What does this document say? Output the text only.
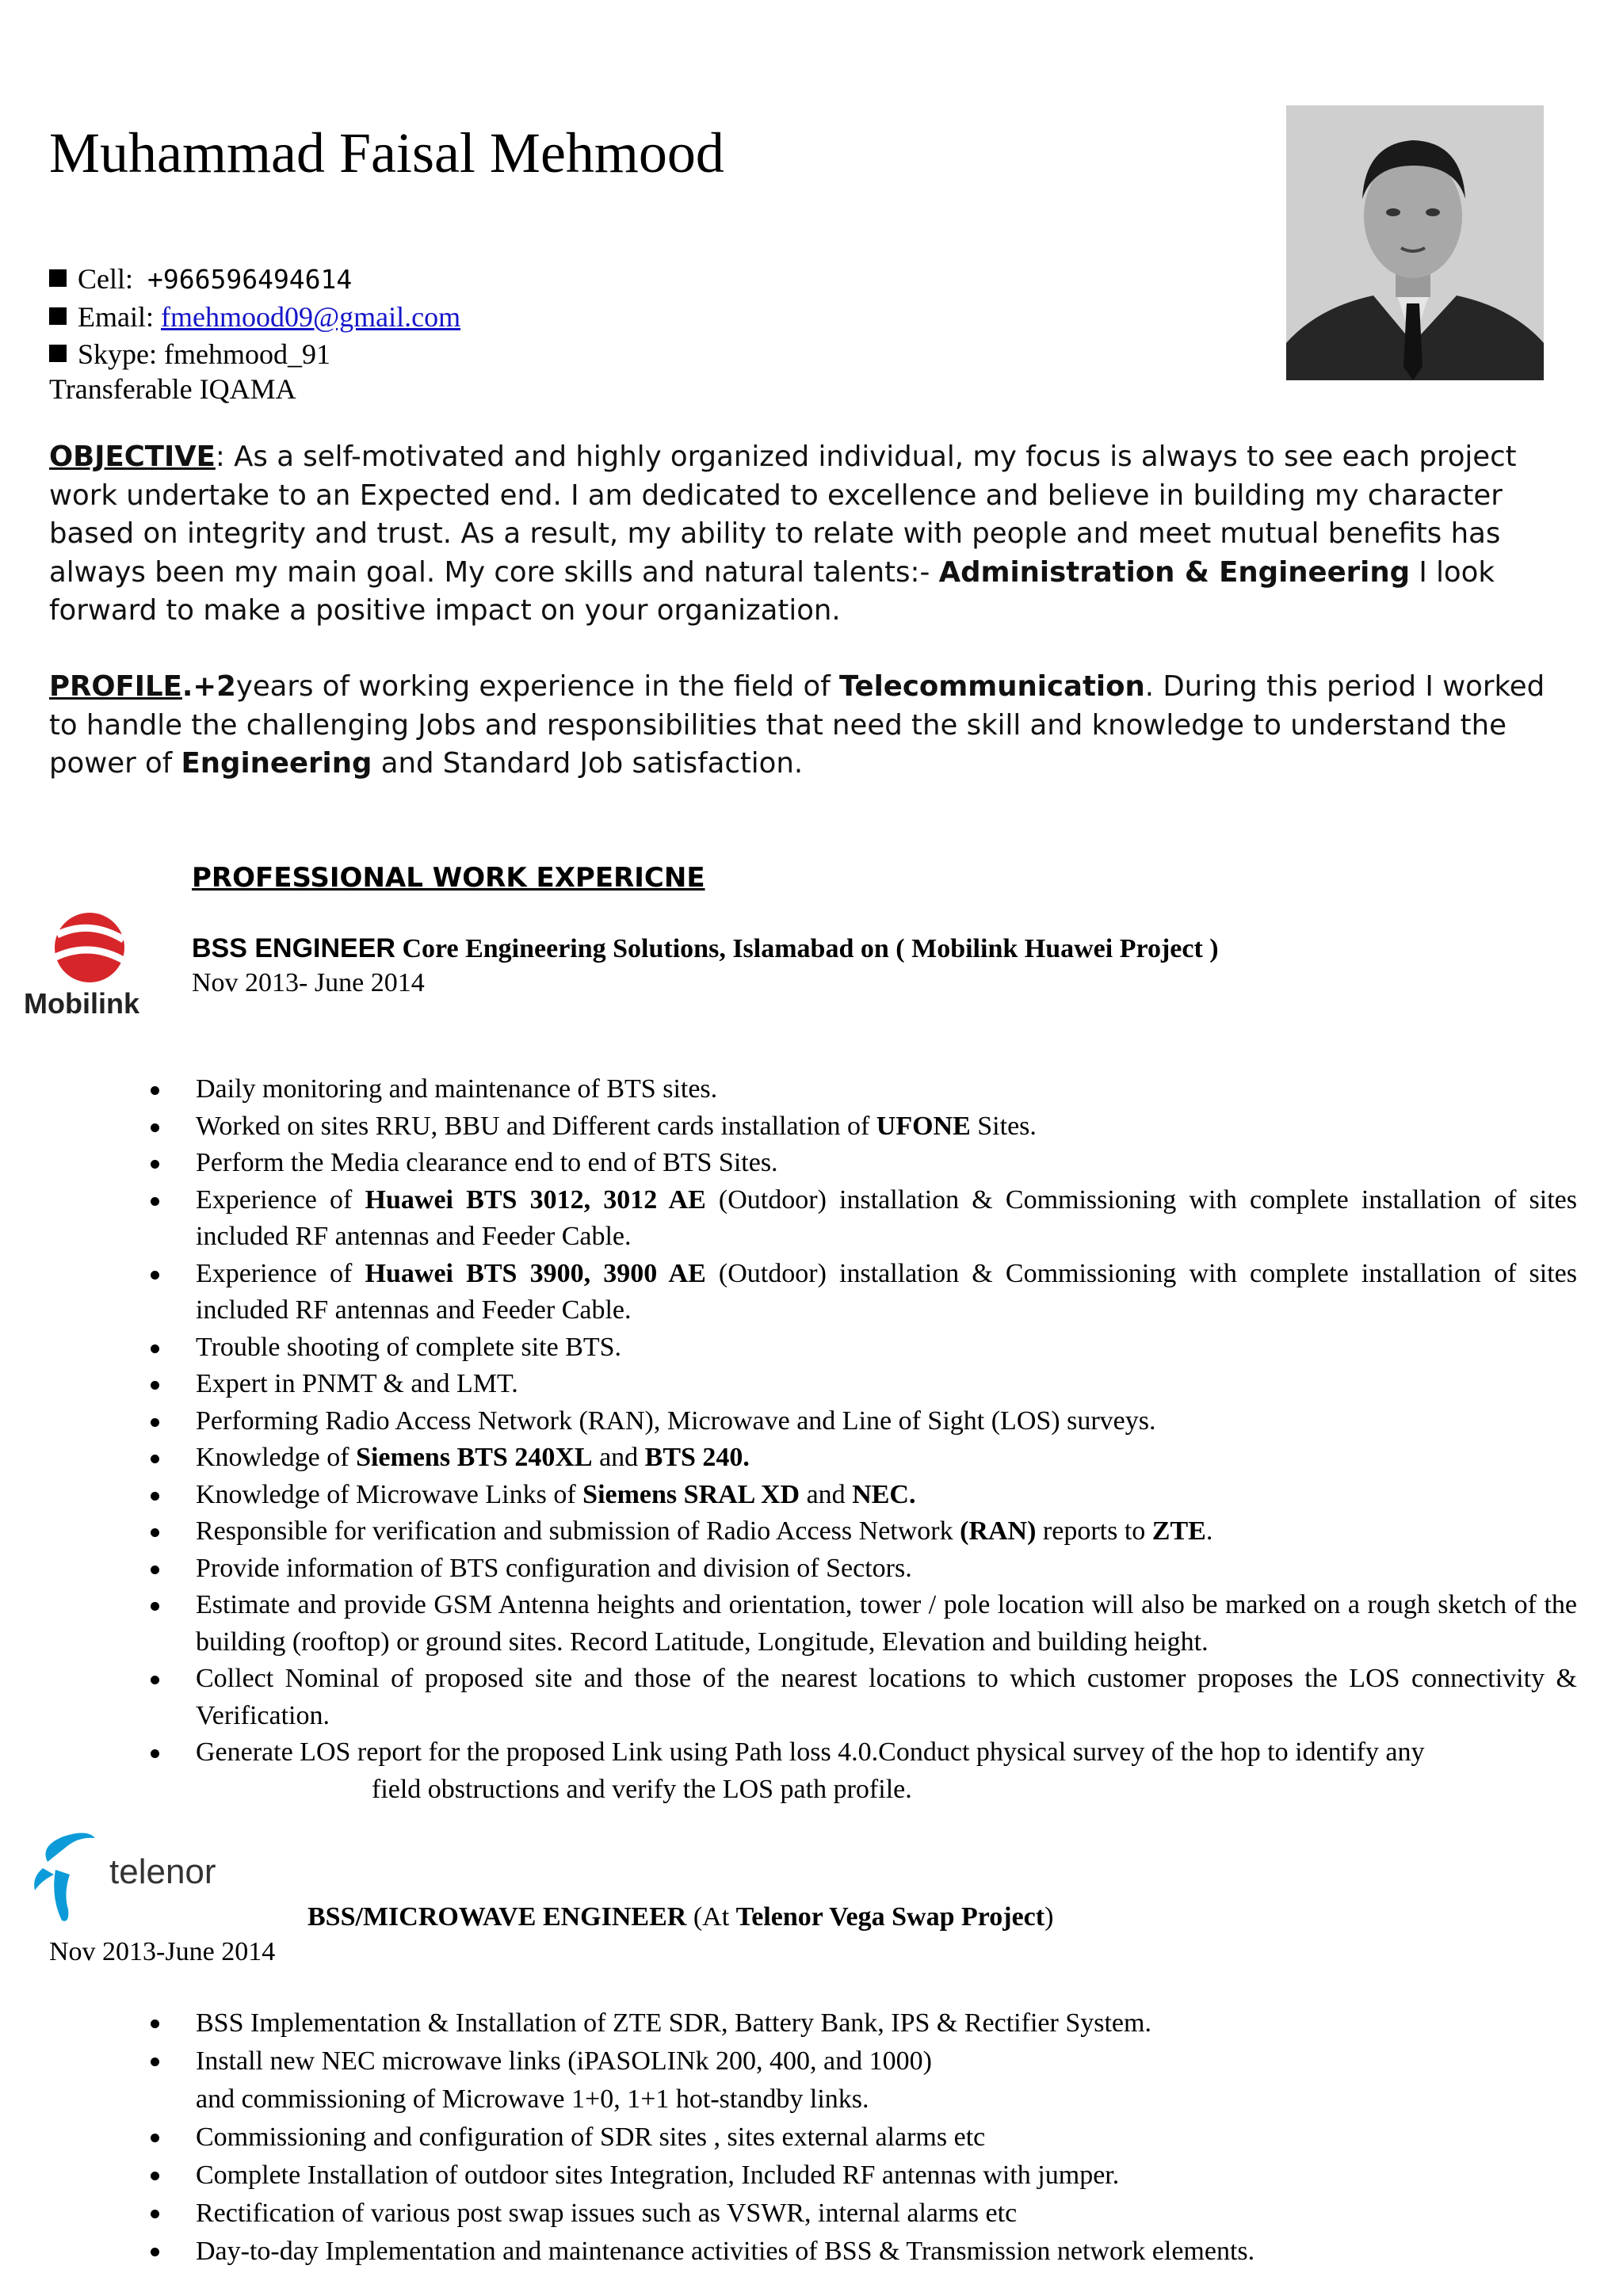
Muhammad Faisal Mehmood
Cell: +966596494614
Email: fmehmood09@gmail.com
Skype: fmehmood_91
Transferable IQAMA
OBJECTIVE: As a self-motivated and highly organized individual, my focus is always to see each project work undertake to an Expected end. I am dedicated to excellence and believe in building my character based on integrity and trust. As a result, my ability to relate with people and meet mutual benefits has always been my main goal. My core skills and natural talents:- Administration & Engineering I look forward to make a positive impact on your organization.
PROFILE.+2years of working experience in the field of Telecommunication. During this period I worked to handle the challenging Jobs and responsibilities that need the skill and knowledge to understand the power of Engineering and Standard Job satisfaction.
PROFESSIONAL WORK EXPERICNE
Mobilink
BSS ENGINEER Core Engineering Solutions, Islamabad on ( Mobilink Huawei Project )
Nov 2013- June 2014
Daily monitoring and maintenance of BTS sites.
Worked on sites RRU, BBU and Different cards installation of UFONE Sites.
Perform the Media clearance end to end of BTS Sites.
Experience of Huawei BTS 3012, 3012 AE (Outdoor) installation & Commissioning with complete installation of sites included RF antennas and Feeder Cable.
Experience of Huawei BTS 3900, 3900 AE (Outdoor) installation & Commissioning with complete installation of sites included RF antennas and Feeder Cable.
Trouble shooting of complete site BTS.
Expert in PNMT & and LMT.
Performing Radio Access Network (RAN), Microwave and Line of Sight (LOS) surveys.
Knowledge of Siemens BTS 240XL and BTS 240.
Knowledge of Microwave Links of Siemens SRAL XD and NEC.
Responsible for verification and submission of Radio Access Network (RAN) reports to ZTE.
Provide information of BTS configuration and division of Sectors.
Estimate and provide GSM Antenna heights and orientation, tower / pole location will also be marked on a rough sketch of the building (rooftop) or ground sites. Record Latitude, Longitude, Elevation and building height.
Collect Nominal of proposed site and those of the nearest locations to which customer proposes the LOS connectivity & Verification.
Generate LOS report for the proposed Link using Path loss 4.0.Conduct physical survey of the hop to identify any
field obstructions and verify the LOS path profile.
telenor
BSS/MICROWAVE ENGINEER (At Telenor Vega Swap Project)
Nov 2013-June 2014
BSS Implementation & Installation of ZTE SDR, Battery Bank, IPS & Rectifier System.
Install new NEC microwave links (iPASOLINk 200, 400, and 1000)
and commissioning of Microwave 1+0, 1+1 hot-standby links.
Commissioning and configuration of SDR sites , sites external alarms etc
Complete Installation of outdoor sites Integration, Included RF antennas with jumper.
Rectification of various post swap issues such as VSWR, internal alarms etc
Day-to-day Implementation and maintenance activities of BSS & Transmission network elements.
